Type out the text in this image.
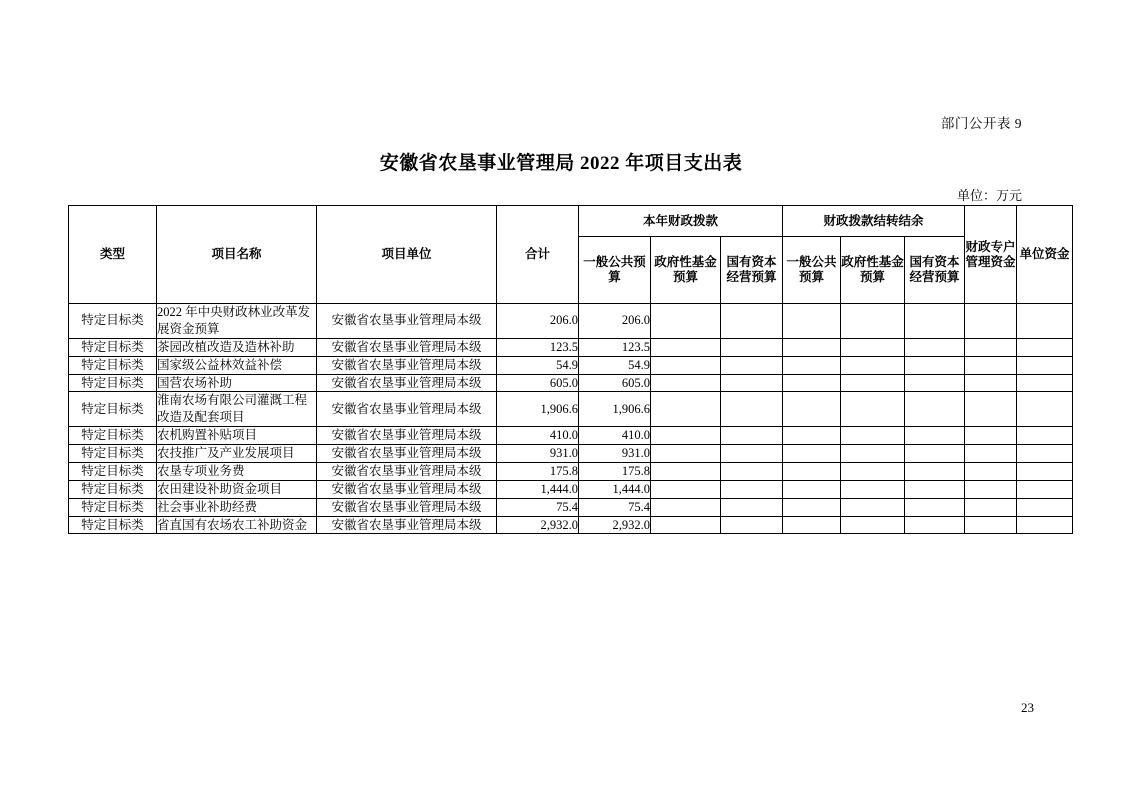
部门公开表 9
安徽省农垦事业管理局 2022 年项目支出表
单位：万元
类型	项目名称	项目单位	合计	本年财政拨款			财政拨款结转结余			财政专户管理资金	单位资金
				一般公共预算	政府性基金预算	国有资本经营预算	一般公共预算	政府性基金预算	国有资本经营预算		
特定目标类	2022 年中央财政林业改革发展资金预算	安徽省农垦事业管理局本级	206.0	206.0							
特定目标类	茶园改植改造及造林补助	安徽省农垦事业管理局本级	123.5	123.5							
特定目标类	国家级公益林效益补偿	安徽省农垦事业管理局本级	54.9	54.9							
特定目标类	国营农场补助	安徽省农垦事业管理局本级	605.0	605.0							
特定目标类	淮南农场有限公司灌溉工程改造及配套项目	安徽省农垦事业管理局本级	1,906.6	1,906.6							
特定目标类	农机购置补贴项目	安徽省农垦事业管理局本级	410.0	410.0							
特定目标类	农技推广及产业发展项目	安徽省农垦事业管理局本级	931.0	931.0							
特定目标类	农垦专项业务费	安徽省农垦事业管理局本级	175.8	175.8							
特定目标类	农田建设补助资金项目	安徽省农垦事业管理局本级	1,444.0	1,444.0							
特定目标类	社会事业补助经费	安徽省农垦事业管理局本级	75.4	75.4							
特定目标类	省直国有农场农工补助资金	安徽省农垦事业管理局本级	2,932.0	2,932.0							
23
